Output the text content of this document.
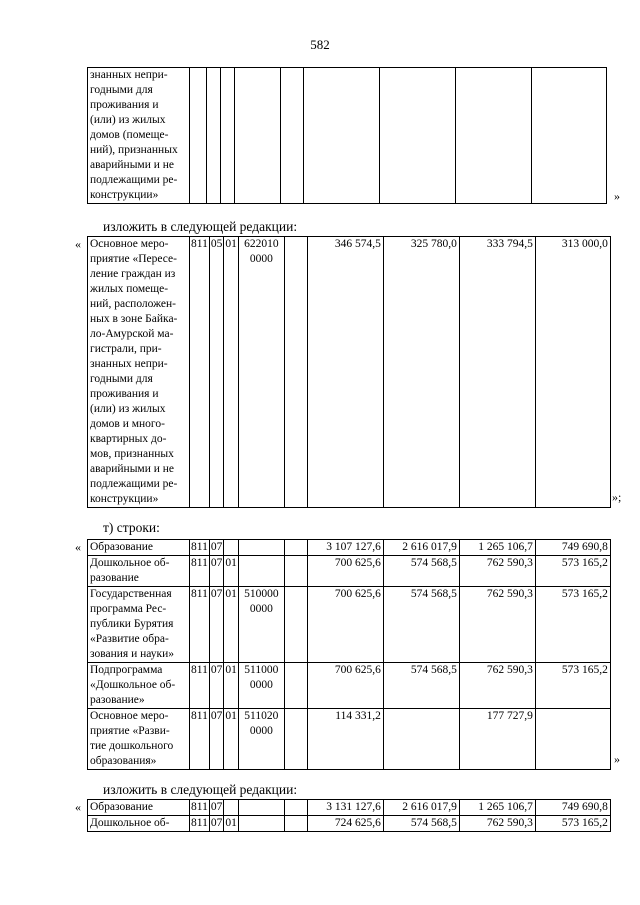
582
знанных непри-
годными для
проживания и
(или) из жилых
домов (помеще-
ний), признанных
аварийными и не
подлежащими ре-
конструкции»										»
изложить в следующей редакции:
« Основное меро-
приятие «Пересе-
ление граждан из
жилых помеще-
ний, расположен-
ных в зоне Байка-
ло-Амурской ма-
гистрали, при-
знанных непри-
годными для
проживания и
(или) из жилых
домов и много-
квартирных до-
мов, признанных
аварийными и не
подлежащими ре-
конструкции»	811	05	01	622010
0000		346 574,5	325 780,0	333 794,5	313 000,0
»;
т) строки:
« Образование	811	07				3 107 127,6	2 616 017,9	1 265 106,7	749 690,8
Дошкольное об-
разование	811	07	01			700 625,6	574 568,5	762 590,3	573 165,2
Государственная
программа Рес-
публики Бурятия
«Развитие обра-
зования и науки»	811	07	01	510000
0000		700 625,6	574 568,5	762 590,3	573 165,2
Подпрограмма
«Дошкольное об-
разование»	811	07	01	511000
0000		700 625,6	574 568,5	762 590,3	573 165,2
Основное меро-
приятие «Разви-
тие дошкольного
образования»	811	07	01	511020
0000		114 331,2		177 727,9	
»
изложить в следующей редакции:
« Образование	811	07				3 131 127,6	2 616 017,9	1 265 106,7	749 690,8
Дошкольное об-	811	07	01			724 625,6	574 568,5	762 590,3	573 165,2
